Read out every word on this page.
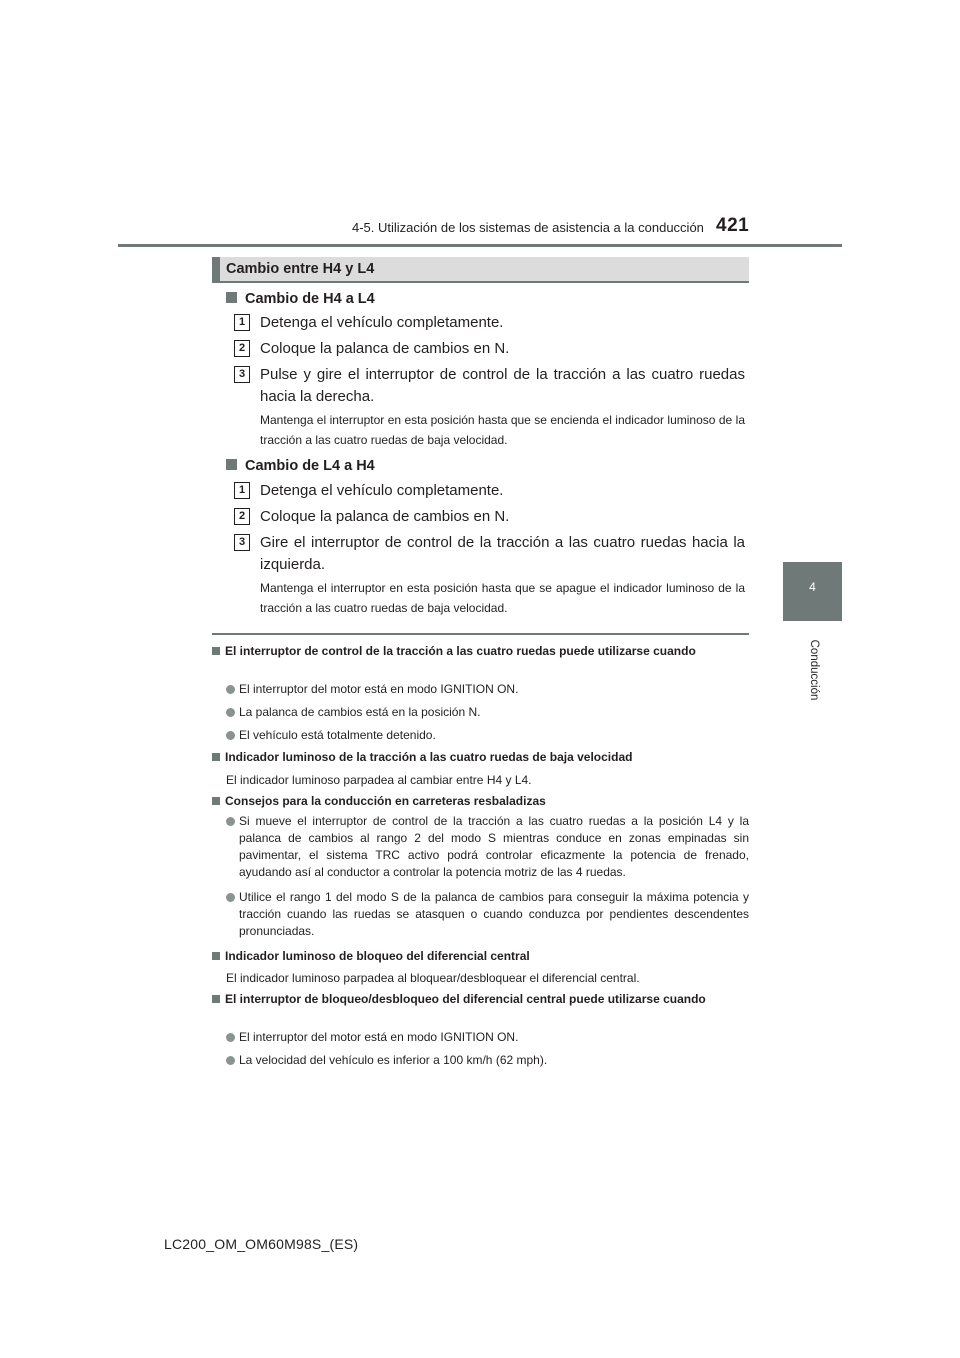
4-5. Utilización de los sistemas de asistencia a la conducción 421
4
Conducción
Cambio entre H4 y L4
Cambio de H4 a L4
1 Detenga el vehículo completamente.
2 Coloque la palanca de cambios en N.
3 Pulse y gire el interruptor de control de la tracción a las cuatro ruedas hacia la derecha.
Mantenga el interruptor en esta posición hasta que se encienda el indicador luminoso de la tracción a las cuatro ruedas de baja velocidad.
Cambio de L4 a H4
1 Detenga el vehículo completamente.
2 Coloque la palanca de cambios en N.
3 Gire el interruptor de control de la tracción a las cuatro ruedas hacia la izquierda.
Mantenga el interruptor en esta posición hasta que se apague el indicador luminoso de la tracción a las cuatro ruedas de baja velocidad.
El interruptor de control de la tracción a las cuatro ruedas puede utilizarse cuando
El interruptor del motor está en modo IGNITION ON.
La palanca de cambios está en la posición N.
El vehículo está totalmente detenido.
Indicador luminoso de la tracción a las cuatro ruedas de baja velocidad
El indicador luminoso parpadea al cambiar entre H4 y L4.
Consejos para la conducción en carreteras resbaladizas
Si mueve el interruptor de control de la tracción a las cuatro ruedas a la posición L4 y la palanca de cambios al rango 2 del modo S mientras conduce en zonas empinadas sin pavimentar, el sistema TRC activo podrá controlar eficazmente la potencia de frenado, ayudando así al conductor a controlar la potencia motriz de las 4 ruedas.
Utilice el rango 1 del modo S de la palanca de cambios para conseguir la máxima potencia y tracción cuando las ruedas se atasquen o cuando conduzca por pendientes descendentes pronunciadas.
Indicador luminoso de bloqueo del diferencial central
El indicador luminoso parpadea al bloquear/desbloquear el diferencial central.
El interruptor de bloqueo/desbloqueo del diferencial central puede utilizarse cuando
El interruptor del motor está en modo IGNITION ON.
La velocidad del vehículo es inferior a 100 km/h (62 mph).
LC200_OM_OM60M98S_(ES)
